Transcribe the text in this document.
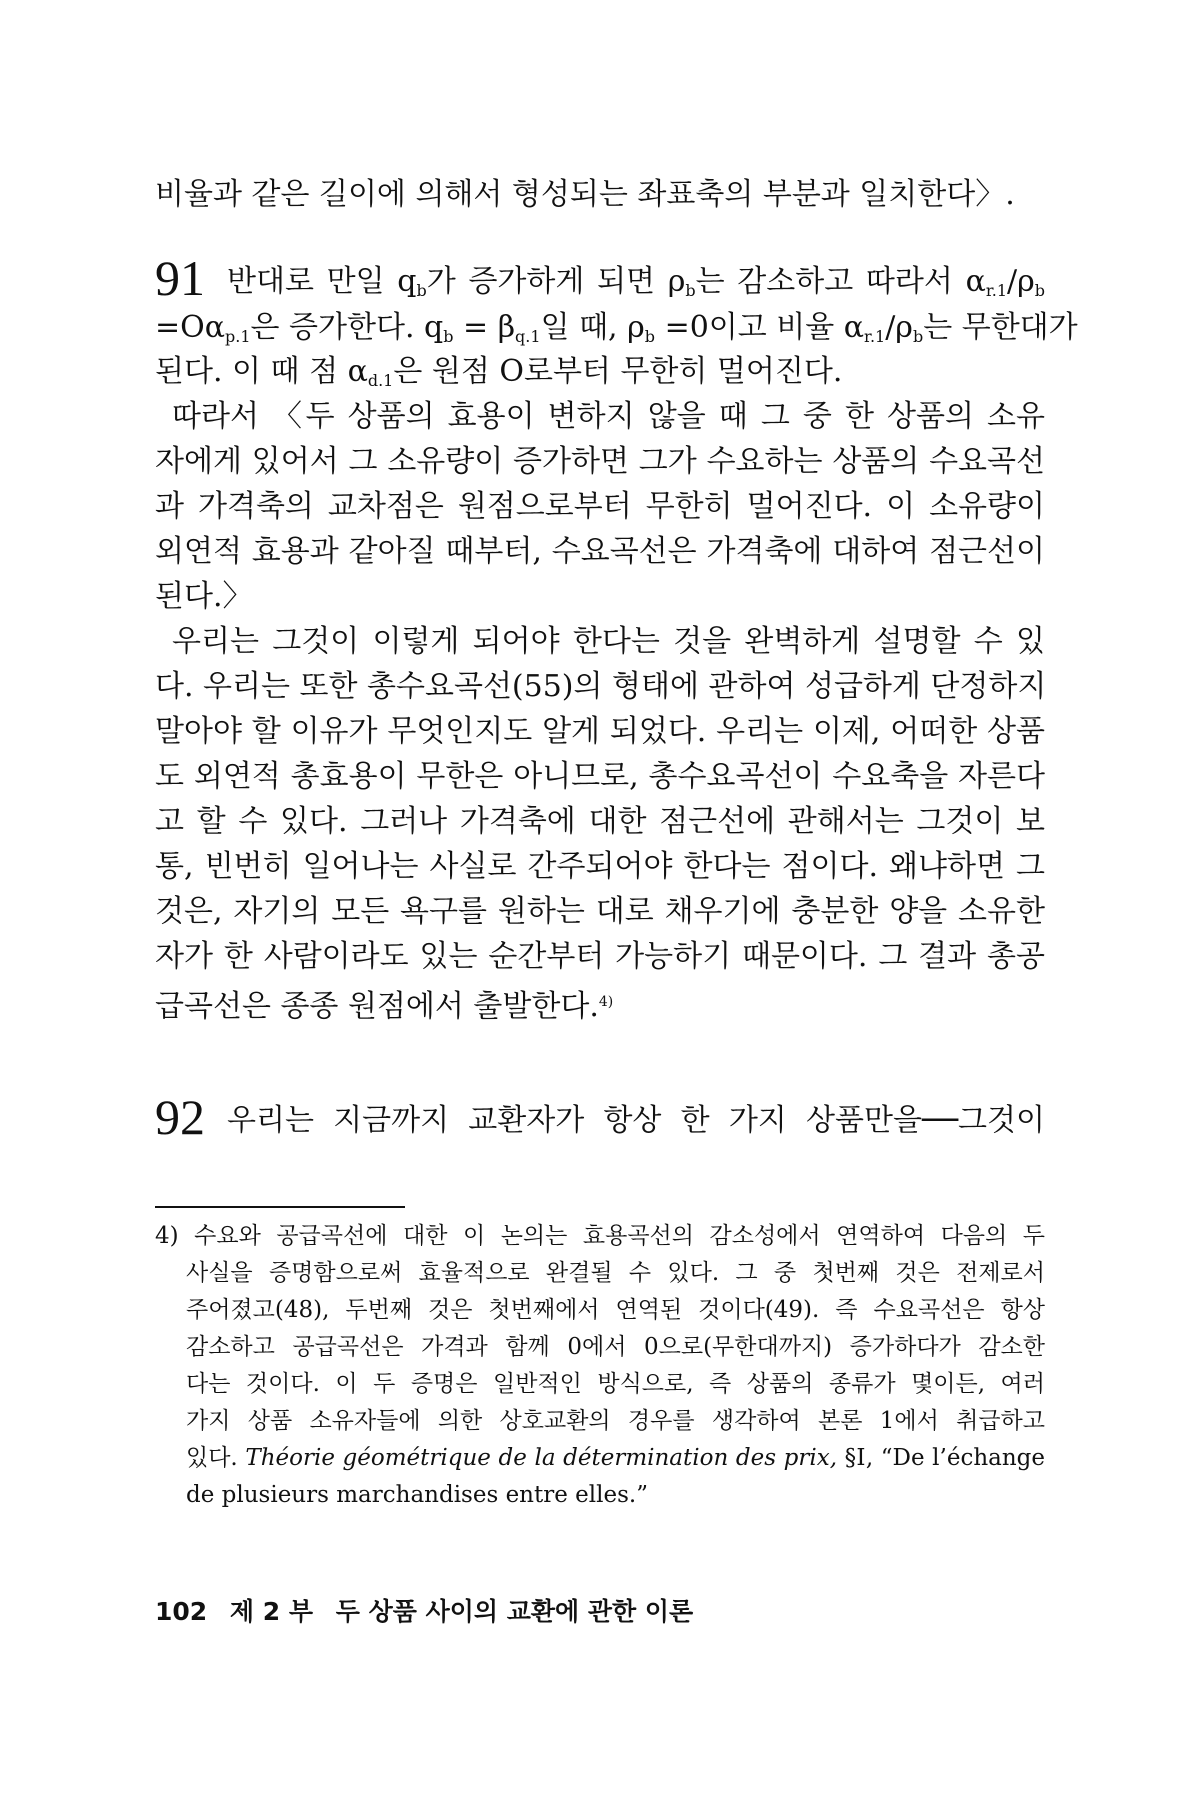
비율과 같은 길이에 의해서 형성되는 좌표축의 부분과 일치한다〉.
91 반대로 만일 $q_b$가 증가하게 되면 $\rho_b$는 감소하고 따라서 $\alpha_{r.1}/\rho_b$
$=O\alpha_{p.1}$은 증가한다. $q_b = \beta_{q.1}$일 때, $\rho_b =0$이고 비율 $\alpha_{r.1}/\rho_b$는 무한대가
된다. 이 때 점 $\alpha_{d.1}$은 원점 O로부터 무한히 멀어진다.
따라서 〈두 상품의 효용이 변하지 않을 때 그 중 한 상품의 소유
자에게 있어서 그 소유량이 증가하면 그가 수요하는 상품의 수요곡선
과 가격축의 교차점은 원점으로부터 무한히 멀어진다. 이 소유량이
외연적 효용과 같아질 때부터, 수요곡선은 가격축에 대하여 점근선이
된다.〉
우리는 그것이 이렇게 되어야 한다는 것을 완벽하게 설명할 수 있
다. 우리는 또한 총수요곡선(55)의 형태에 관하여 성급하게 단정하지
말아야 할 이유가 무엇인지도 알게 되었다. 우리는 이제, 어떠한 상품
도 외연적 총효용이 무한은 아니므로, 총수요곡선이 수요축을 자른다
고 할 수 있다. 그러나 가격축에 대한 점근선에 관해서는 그것이 보
통, 빈번히 일어나는 사실로 간주되어야 한다는 점이다. 왜냐하면 그
것은, 자기의 모든 욕구를 원하는 대로 채우기에 충분한 양을 소유한
자가 한 사람이라도 있는 순간부터 가능하기 때문이다. 그 결과 총공
급곡선은 종종 원점에서 출발한다.$^{4)}$
92 우리는 지금까지 교환자가 항상 한 가지 상품만을──그것이
4) 수요와 공급곡선에 대한 이 논의는 효용곡선의 감소성에서 연역하여 다음의 두
사실을 증명함으로써 효율적으로 완결될 수 있다. 그 중 첫번째 것은 전제로서
주어졌고(48), 두번째 것은 첫번째에서 연역된 것이다(49). 즉 수요곡선은 항상
감소하고 공급곡선은 가격과 함께 0에서 0으로(무한대까지) 증가하다가 감소한
다는 것이다. 이 두 증명은 일반적인 방식으로, 즉 상품의 종류가 몇이든, 여러
가지 상품 소유자들에 의한 상호교환의 경우를 생각하여 본론 1에서 취급하고
있다. Théorie géométrique de la détermination des prix, §Ⅰ, “De l’échange
de plusieurs marchandises entre elles.”
102 제 2 부 두 상품 사이의 교환에 관한 이론
